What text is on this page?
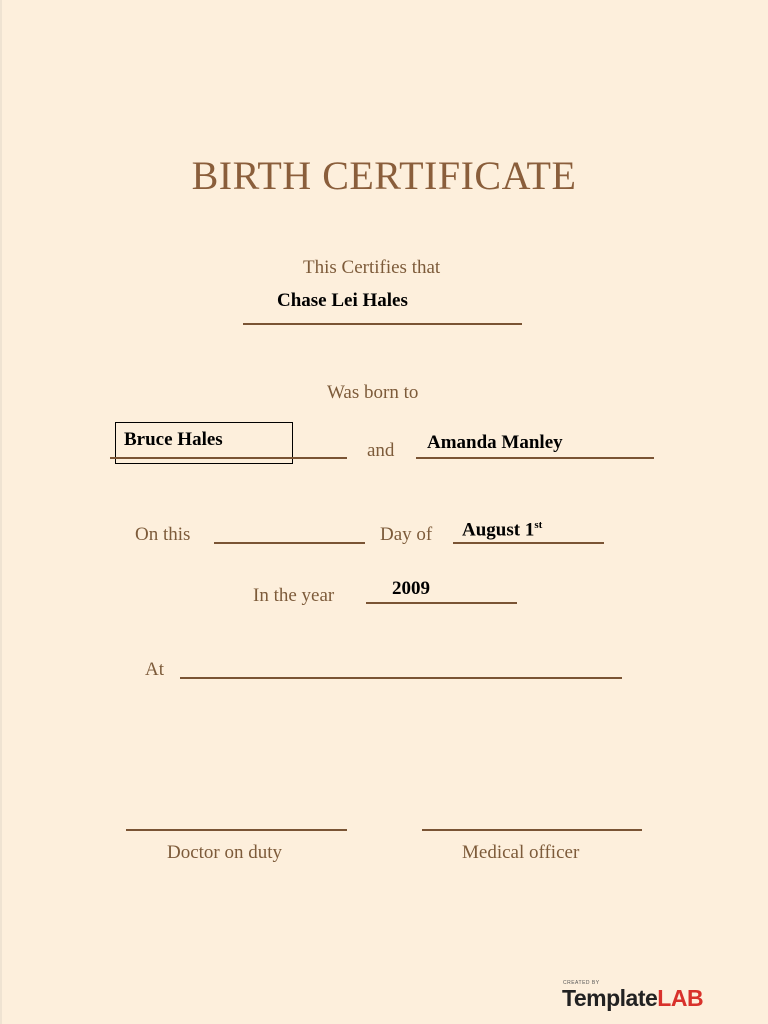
BIRTH CERTIFICATE
This Certifies that
Chase Lei Hales
Was born to
Bruce Hales
and Amanda Manley
On this	Day of August 1st
In the year	2009
At
Doctor on duty	Medical officer
CREATED BY
TemplateLAB
